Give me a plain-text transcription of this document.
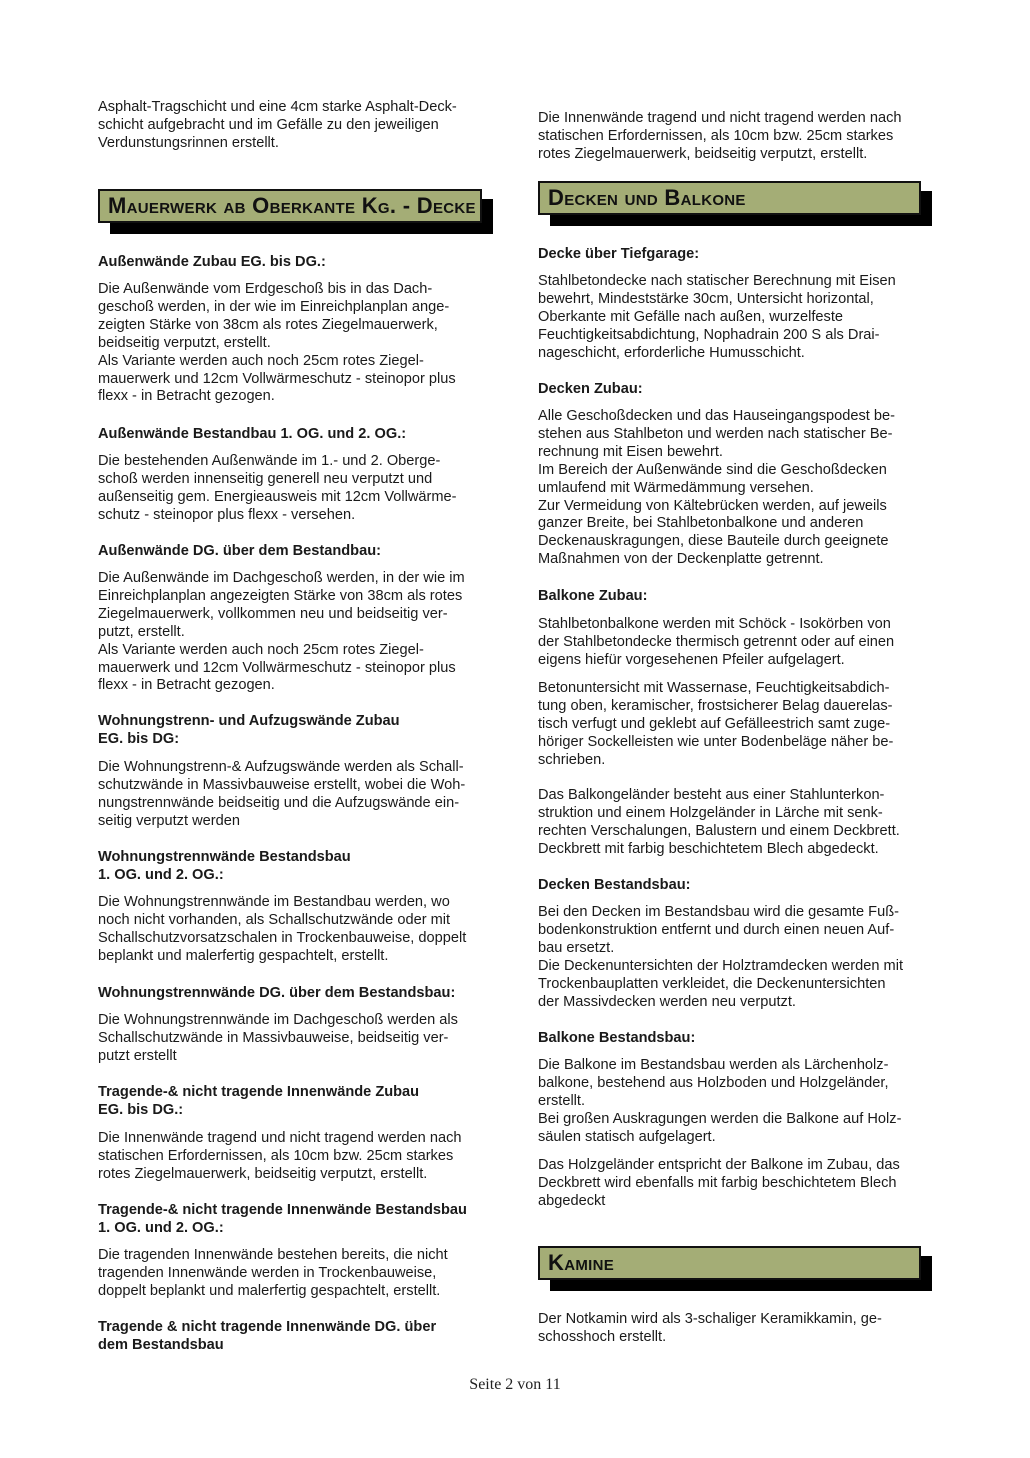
Asphalt-Tragschicht und eine 4cm starke Asphalt-Deck-
schicht aufgebracht und im Gefälle zu den jeweiligen
Verdunstungsrinnen erstellt.

Mauerwerk ab Oberkante Kg. - Decke

Außenwände Zubau EG. bis DG.:

Die Außenwände vom Erdgeschoß bis in das Dach-
geschoß werden, in der wie im Einreichplanplan ange-
zeigten Stärke von 38cm als rotes Ziegelmauerwerk,
beidseitig verputzt, erstellt.
Als Variante werden auch noch 25cm rotes Ziegel-
mauerwerk und 12cm Vollwärmeschutz - steinopor plus
flexx - in Betracht gezogen.

Außenwände Bestandbau 1. OG. und 2. OG.:

Die bestehenden Außenwände im 1.- und 2. Oberge-
schoß werden innenseitig generell neu verputzt und
außenseitig gem. Energieausweis mit 12cm Vollwärme-
schutz - steinopor plus flexx - versehen.

Außenwände DG. über dem Bestandbau:

Die Außenwände im Dachgeschoß werden, in der wie im
Einreichplanplan angezeigten Stärke von 38cm als rotes
Ziegelmauerwerk, vollkommen neu und beidseitig ver-
putzt, erstellt.
Als Variante werden auch noch 25cm rotes Ziegel-
mauerwerk und 12cm Vollwärmeschutz - steinopor plus
flexx - in Betracht gezogen.

Wohnungstrenn- und Aufzugswände Zubau
EG. bis DG:

Die Wohnungstrenn-& Aufzugswände werden als Schall-
schutzwände in Massivbauweise erstellt, wobei die Woh-
nungstrennwände beidseitig und die Aufzugswände ein-
seitig verputzt werden

Wohnungstrennwände Bestandsbau
1. OG. und 2. OG.:

Die Wohnungstrennwände im Bestandbau werden, wo
noch nicht vorhanden, als Schallschutzwände oder mit
Schallschutzvorsatzschalen in Trockenbauweise, doppelt
beplankt und malerfertig gespachtelt, erstellt.

Wohnungstrennwände DG. über dem Bestandsbau:

Die Wohnungstrennwände im Dachgeschoß werden als
Schallschutzwände in Massivbauweise, beidseitig ver-
putzt erstellt

Tragende-& nicht tragende Innenwände Zubau
EG. bis DG.:

Die Innenwände tragend und nicht tragend werden nach
statischen Erfordernissen, als 10cm bzw. 25cm starkes
rotes Ziegelmauerwerk, beidseitig verputzt, erstellt.

Tragende-& nicht tragende Innenwände Bestandsbau
1. OG. und 2. OG.:

Die tragenden Innenwände bestehen bereits, die nicht
tragenden Innenwände werden in Trockenbauweise,
doppelt beplankt und malerfertig gespachtelt, erstellt.

Tragende & nicht tragende Innenwände DG. über
dem Bestandsbau

Die Innenwände tragend und nicht tragend werden nach
statischen Erfordernissen, als 10cm bzw. 25cm starkes
rotes Ziegelmauerwerk, beidseitig verputzt, erstellt.

Decken und Balkone

Decke über Tiefgarage:

Stahlbetondecke nach statischer Berechnung mit Eisen
bewehrt, Mindeststärke 30cm, Untersicht horizontal,
Oberkante mit Gefälle nach außen, wurzelfeste
Feuchtigkeitsabdichtung, Nophadrain 200 S als Drai-
nageschicht, erforderliche Humusschicht.

Decken Zubau:

Alle Geschoßdecken und das Hauseingangspodest be-
stehen aus Stahlbeton und werden nach statischer Be-
rechnung mit Eisen bewehrt.
Im Bereich der Außenwände sind die Geschoßdecken
umlaufend mit Wärmedämmung versehen.
Zur Vermeidung von Kältebrücken werden, auf jeweils
ganzer Breite, bei Stahlbetonbalkone und anderen
Deckenauskragungen, diese Bauteile durch geeignete
Maßnahmen von der Deckenplatte getrennt.

Balkone Zubau:

Stahlbetonbalkone werden mit Schöck - Isokörben von
der Stahlbetondecke thermisch getrennt oder auf einen
eigens hiefür vorgesehenen Pfeiler aufgelagert.

Betonuntersicht mit Wassernase, Feuchtigkeitsabdich-
tung oben, keramischer, frostsicherer Belag dauerelas-
tisch verfugt und geklebt auf Gefälleestrich samt zuge-
höriger Sockelleisten wie unter Bodenbeläge näher be-
schrieben.

Das Balkongeländer besteht aus einer Stahlunterkon-
struktion und einem Holzgeländer in Lärche mit senk-
rechten Verschalungen, Balustern und einem Deckbrett.
Deckbrett mit farbig beschichtetem Blech abgedeckt.

Decken Bestandsbau:

Bei den Decken im Bestandsbau wird die gesamte Fuß-
bodenkonstruktion entfernt und durch einen neuen Auf-
bau ersetzt.
Die Deckenuntersichten der Holztramdecken werden mit
Trockenbauplatten verkleidet, die Deckenuntersichten
der Massivdecken werden neu verputzt.

Balkone Bestandsbau:

Die Balkone im Bestandsbau werden als Lärchenholz-
balkone, bestehend aus Holzboden und Holzgeländer,
erstellt.
Bei großen Auskragungen werden die Balkone auf Holz-
säulen statisch aufgelagert.

Das Holzgeländer entspricht der Balkone im Zubau, das
Deckbrett wird ebenfalls mit farbig beschichtetem Blech
abgedeckt

Kamine

Der Notkamin wird als 3-schaliger Keramikkamin, ge-
schosshoch erstellt.

Seite 2 von 11
